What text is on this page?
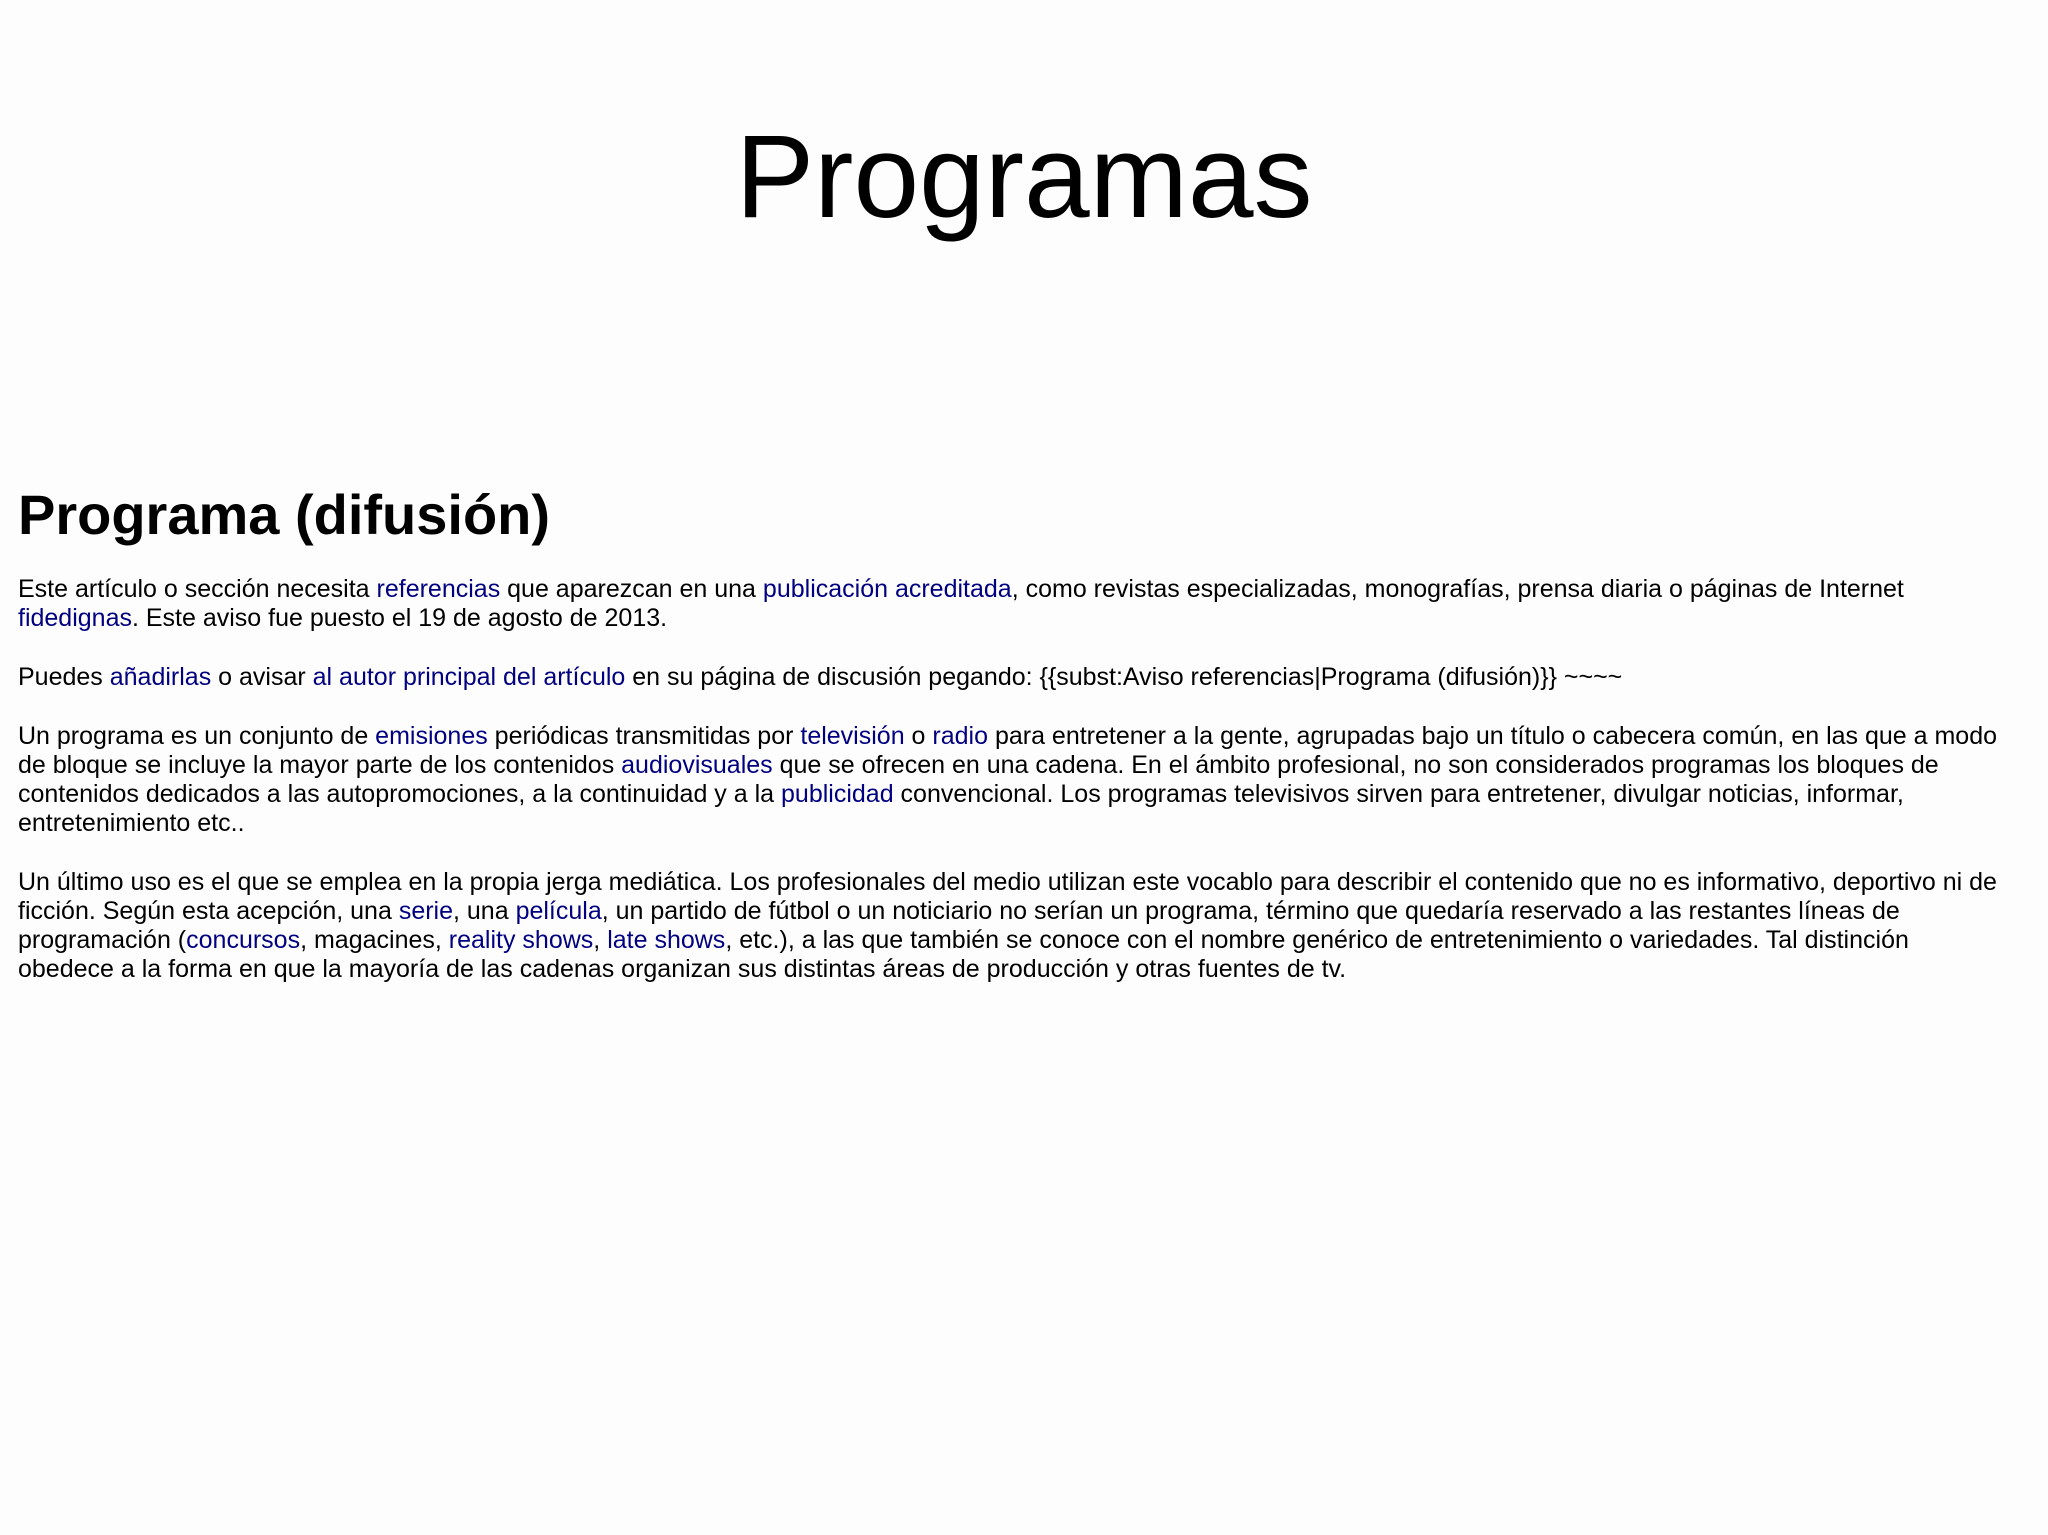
Programas
Programa (difusión)

Este artículo o sección necesita referencias que aparezcan en una publicación acreditada, como revistas especializadas, monografías, prensa diaria o páginas de Internet
fidedignas. Este aviso fue puesto el 19 de agosto de 2013.

Puedes añadirlas o avisar al autor principal del artículo en su página de discusión pegando: {{subst:Aviso referencias|Programa (difusión)}} ~~~~

Un programa es un conjunto de emisiones periódicas transmitidas por televisión o radio para entretener a la gente, agrupadas bajo un título o cabecera común, en las que a modo
de bloque se incluye la mayor parte de los contenidos audiovisuales que se ofrecen en una cadena. En el ámbito profesional, no son considerados programas los bloques de
contenidos dedicados a las autopromociones, a la continuidad y a la publicidad convencional. Los programas televisivos sirven para entretener, divulgar noticias, informar,
entretenimiento etc..

Un último uso es el que se emplea en la propia jerga mediática. Los profesionales del medio utilizan este vocablo para describir el contenido que no es informativo, deportivo ni de
ficción. Según esta acepción, una serie, una película, un partido de fútbol o un noticiario no serían un programa, término que quedaría reservado a las restantes líneas de
programación (concursos, magacines, reality shows, late shows, etc.), a las que también se conoce con el nombre genérico de entretenimiento o variedades. Tal distinción
obedece a la forma en que la mayoría de las cadenas organizan sus distintas áreas de producción y otras fuentes de tv.
